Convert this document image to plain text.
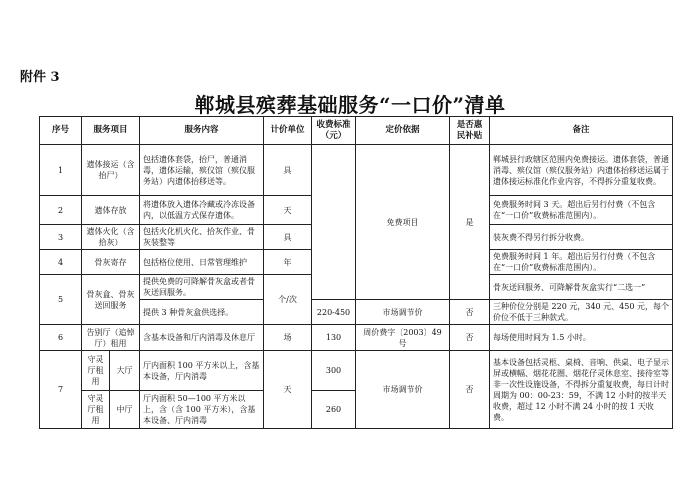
附件 3
郸城县殡葬基础服务“一口价”清单
序号	服务项目		服务内容	计价单位	收费标准（元）	定价依据	是否惠民补贴	备注
1	遗体接运（含抬尸）		包括遗体套袋，抬尸，普通消毒，遗体运输，殡仪馆（殡仪服务站）内遗体抬移送等。	具		免费项目	是	郸城县行政辖区范围内免费接运。遗体套袋，普通消毒、殡仪馆（殡仪服务站）内遗体抬移送运属于遗体接运标准化作业内容，不得拆分重复收费。
2	遗体存放		将遗体放入遗体冷藏或冷冻设备内，以低温方式保存遗体。	天				免费服务时间 3 天。超出后另行付费（不包含在“一口价”收费标准范围内）。
3	遗体火化（含拾灰）		包括火化机火化、拾灰作业、骨灰装整等	具				装灰费不得另行拆分收费。
4	骨灰寄存		包括格位使用、日常管理维护	年				免费服务时间 1 年。超出后另行付费（不包含在“一口价”收费标准范围内）。
5	骨灰盒、骨灰送回服务		提供免费的可降解骨灰盒或者骨灰送回服务。	个/次				骨灰送回服务、可降解骨灰盒实行“二选一”
			提供 3 种骨灰盒供选择。		220-450	市场调节价	否	三种价位分别是 220 元，340 元、450 元，每个价位不低于三种款式。
6	告别厅（追悼厅）租用		含基本设备和厅内消毒及休息厅	场	130	周价费字〔2003〕49 号	否	每场使用时间为 1.5 小时。
7	守灵厅租用	大厅	厅内面积 100 平方米以上，含基本设备，厅内消毒	天	300	市场调节价	否	基本设备包括灵柩、桌椅、音响、供桌、电子显示屏或横幅、烟花花圈、烟花仔灵休息室、接待室等非一次性设施设备，不得拆分重复收费，每日计时周期为 00：00-23：59，不满 12 小时的按半天收费，超过 12 小时不满 24 小时的按 1 天收费。
	守灵厅租用	中厅	厅内面积 50—100 平方米以上，含（含 100 平方米），含基本设备、厅内消毒		260			
